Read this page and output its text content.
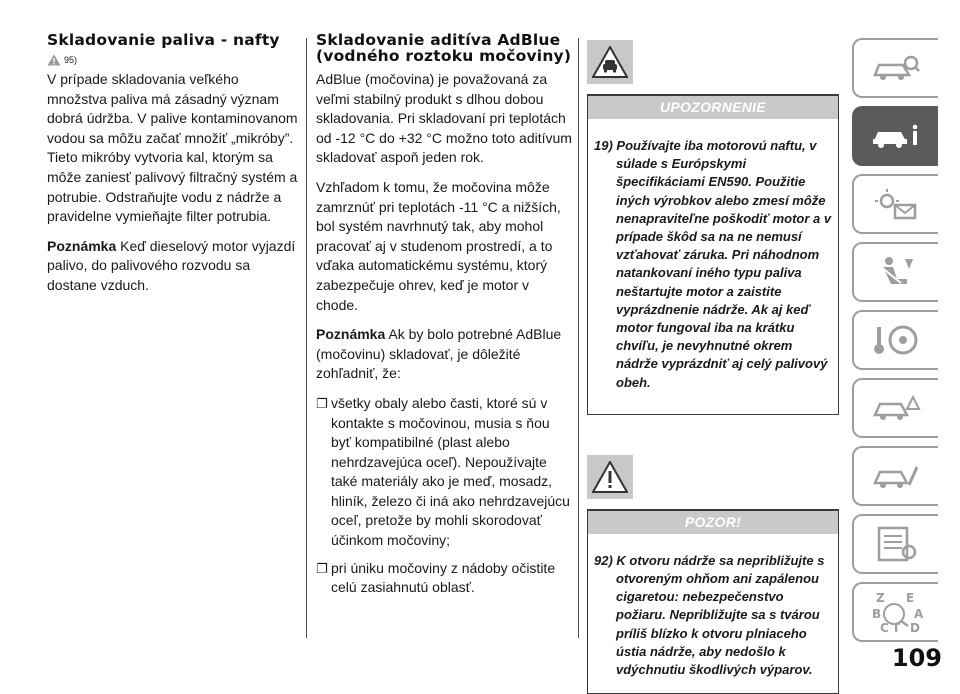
Skladovanie paliva - nafty
95)

V prípade skladovania veľkého množstva paliva má zásadný význam dobrá údržba. V palive kontaminovanom vodou sa môžu začať množiť „mikróby”. Tieto mikróby vytvoria kal, ktorým sa môže zaniesť palivový filtračný systém a potrubie. Odstraňujte vodu z nádrže a pravidelne vymieňajte filter potrubia.

Poznámka Keď dieselový motor vyjazdí palivo, do palivového rozvodu sa dostane vzduch.

Skladovanie aditíva AdBlue (vodného roztoku močoviny)

AdBlue (močovina) je považovaná za veľmi stabilný produkt s dlhou dobou skladovania. Pri skladovaní pri teplotách od -12 °C do +32 °C možno toto aditívum skladovať aspoň jeden rok.

Vzhľadom k tomu, že močovina môže zamrznúť pri teplotách -11 °C a nižších, bol systém navrhnutý tak, aby mohol pracovať aj v studenom prostredí, a to vďaka automatickému systému, ktorý zabezpečuje ohrev, keď je motor v chode.

Poznámka Ak by bolo potrebné AdBlue (močovinu) skladovať, je dôležité zohľadniť, že:

❐ všetky obaly alebo časti, ktoré sú v kontakte s močovinou, musia s ňou byť kompatibilné (plast alebo nehrdzavejúca oceľ). Nepoužívajte také materiály ako je meď, mosadz, hliník, železo či iná ako nehrdzavejúcu oceľ, pretože by mohli skorodovať účinkom močoviny;
❐ pri úniku močoviny z nádoby očistite celú zasiahnutú oblasť.
UPOZORNENIE

19) Používajte iba motorovú naftu, v súlade s Európskymi špecifikáciami EN590. Použitie iných výrobkov alebo zmesí môže nenapraviteľne poškodiť motor a v prípade škôd sa na ne nemusí vzťahovať záruka. Pri náhodnom natankovaní iného typu paliva neštartujte motor a zaistite vyprázdnenie nádrže. Ak aj keď motor fungoval iba na krátku chvíľu, je nevyhnutné okrem nádrže vyprázdniť aj celý palivový obeh.

POZOR!

92) K otvoru nádrže sa nepribližujte s otvoreným ohňom ani zapálenou cigaretou: nebezpečenstvo požiaru. Nepribližujte sa s tvárou príliš blízko k otvoru plniaceho ústia nádrže, aby nedošlo k vdýchnutiu škodlivých výparov.

Z E
B	A
C T D
109
